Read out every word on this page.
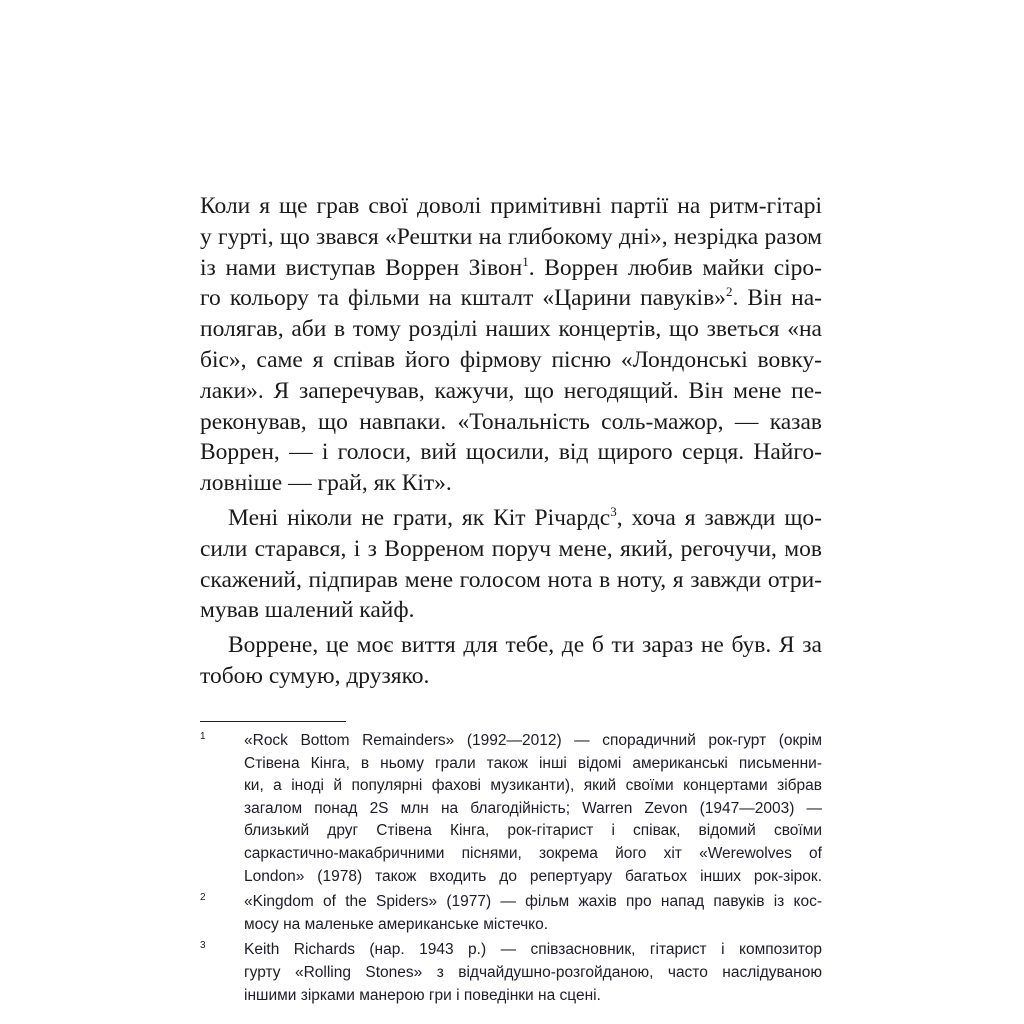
Коли я ще грав свої доволі примітивні партії на ритм-гітарі
у гурті, що звався «Рештки на глибокому дні», незрідка разом
із нами виступав Воррен Зівон$^1$. Воррен любив майки сіро-
го кольору та фільми на кшталт «Царини павуків»$^2$. Він на-
полягав, аби в тому розділі наших концертів, що зветься «на
біс», саме я співав його фірмову пісню «Лондонські вовку-
лаки». Я заперечував, кажучи, що негодящий. Він мене пе-
реконував, що навпаки. «Тональність соль-мажор, — казав
Воррен, — і голоси, вий щосили, від щирого серця. Найго-
ловніше — грай, як Кіт».
Мені ніколи не грати, як Кіт Річардс$^3$, хоча я завжди що-
сили старався, і з Ворреном поруч мене, який, регочучи, мов
скажений, підпирав мене голосом нота в ноту, я завжди отри-
мував шалений кайф.
Воррене, це моє виття для тебе, де б ти зараз не був. Я за
тобою сумую, друзяко.
1 «Rock Bottom Remainders» (1992—2012) — спорадичний рок-гурт (окрім
Стівена Кінга, в ньому грали також інші відомі американські письменни-
ки, а іноді й популярні фахові музиканти), який своїми концертами зібрав
загалом понад 2S млн на благодійність; Warren Zevon (1947—2003) —
близький друг Стівена Кінга, рок-гітарист і співак, відомий своїми
саркастично-макабричними піснями, зокрема його хіт «Werewolves of
London» (1978) також входить до репертуару багатьох інших рок-зірок.
2 «Kingdom of the Spiders» (1977) — фільм жахів про напад павуків із кос-
мосу на маленьке американське містечко.
3 Keith Richards (нар. 1943 р.) — співзасновник, гітарист і композитор
гурту «Rolling Stones» з відчайдушно-розгойданою, часто наслідуваною
іншими зірками манерою гри і поведінки на сцені.
